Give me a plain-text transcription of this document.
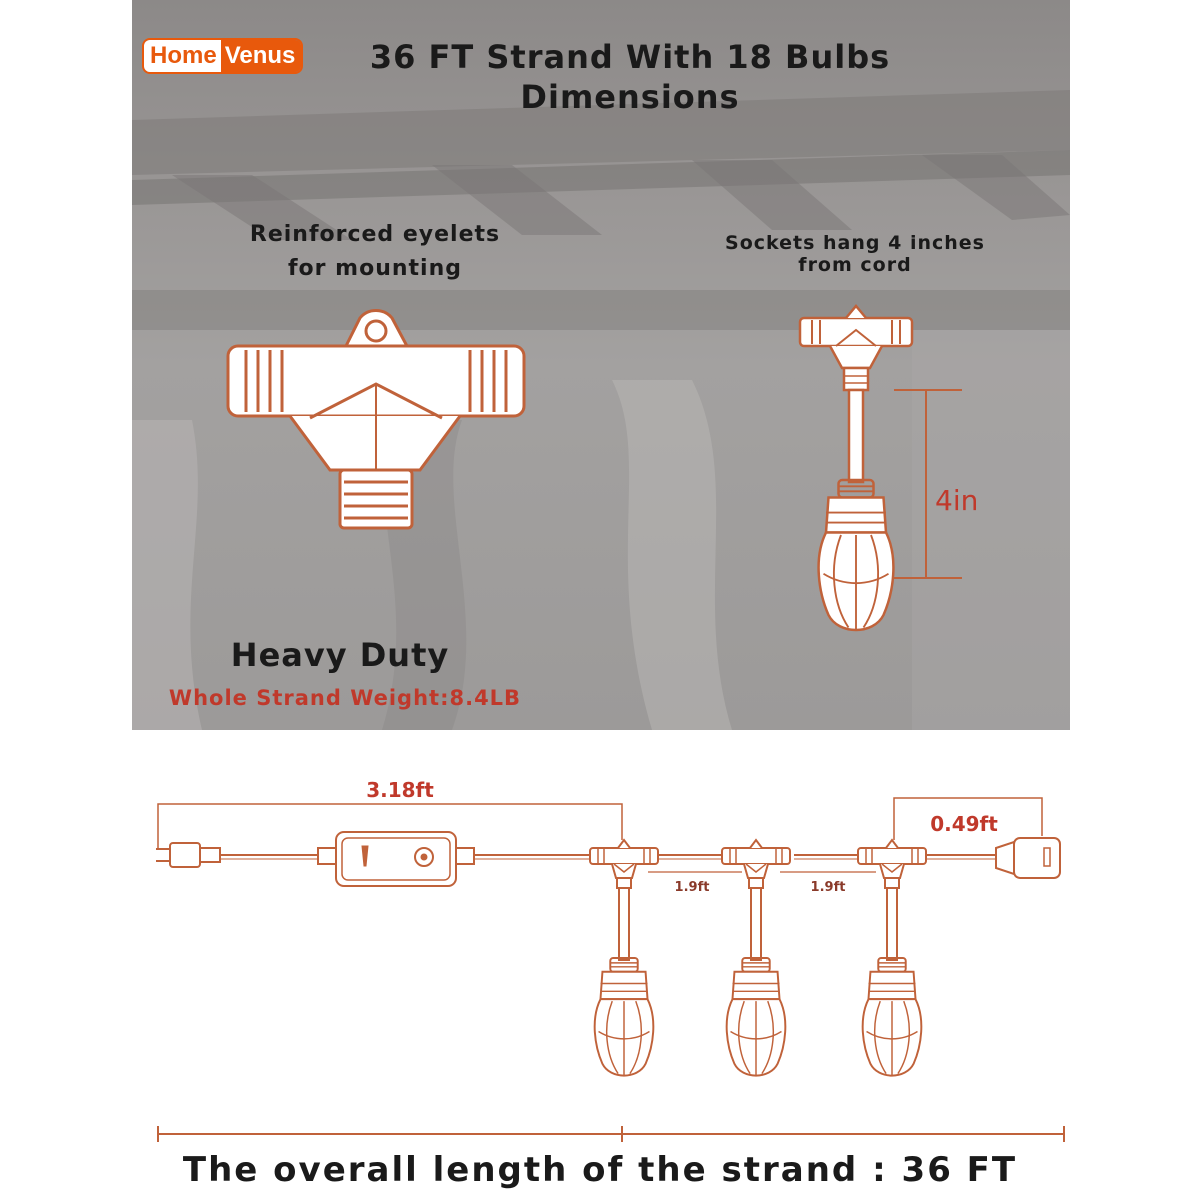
Home Venus	36 FT Strand With 18 Bulbs
Dimensions
Reinforced eyelets
for mounting
Sockets hang 4 inches
from cord
4in
Heavy Duty
Whole Strand Weight:8.4LB
3.18ft
0.49ft
1.9ft	1.9ft
The overall length of the strand : 36 FT
